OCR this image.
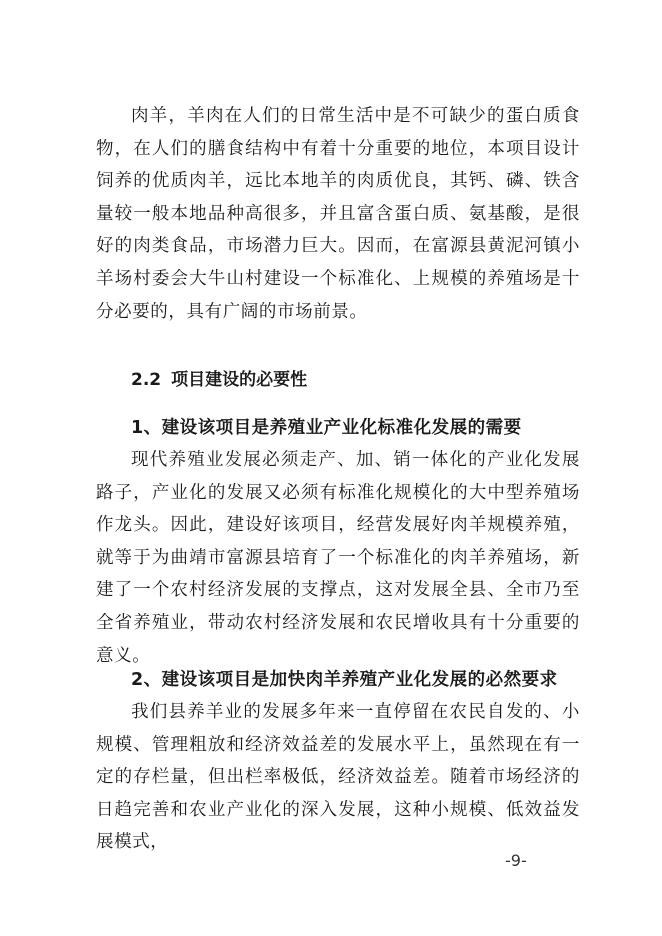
肉羊，羊肉在人们的日常生活中是不可缺少的蛋白质食物，在人们的膳食结构中有着十分重要的地位，本项目设计饲养的优质肉羊，远比本地羊的肉质优良，其钙、磷、铁含量较一般本地品种高很多，并且富含蛋白质、氨基酸，是很好的肉类食品，市场潜力巨大。因而，在富源县黄泥河镇小羊场村委会大牛山村建设一个标准化、上规模的养殖场是十分必要的，具有广阔的市场前景。

2.2 项目建设的必要性
1、建设该项目是养殖业产业化标准化发展的需要

现代养殖业发展必须走产、加、销一体化的产业化发展路子，产业化的发展又必须有标准化规模化的大中型养殖场作龙头。因此，建设好该项目，经营发展好肉羊规模养殖，就等于为曲靖市富源县培育了一个标准化的肉羊养殖场，新建了一个农村经济发展的支撑点，这对发展全县、全市乃至全省养殖业，带动农村经济发展和农民增收具有十分重要的意义。

2、建设该项目是加快肉羊养殖产业化发展的必然要求

我们县养羊业的发展多年来一直停留在农民自发的、小规模、管理粗放和经济效益差的发展水平上，虽然现在有一定的存栏量，但出栏率极低，经济效益差。随着市场经济的日趋完善和农业产业化的深入发展，这种小规模、低效益发展模式，

-9-
